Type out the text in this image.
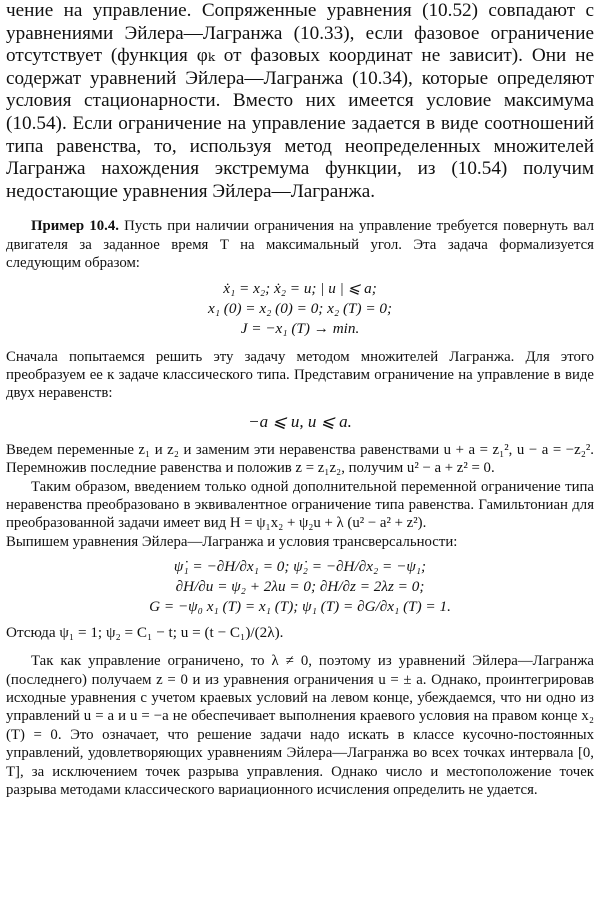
чение на управление. Сопряженные уравнения (10.52) совпадают с уравнениями Эйлера—Лагранжа (10.33), если фазовое ограничение отсутствует (функция φₖ от фазовых координат не зависит). Они не содержат уравнений Эйлера—Лагранжа (10.34), которые определяют условия стационарности. Вместо них имеется условие максимума (10.54). Если ограничение на управление задается в виде соотношений типа равенства, то, используя метод неопределенных множителей Лагранжа нахождения экстремума функции, из (10.54) получим недостающие уравнения Эйлера—Лагранжа.

Пример 10.4. Пусть при наличии ограничения на управление требуется повернуть вал двигателя за заданное время T на максимальный угол. Эта задача формализуется следующим образом:

ẋ₁ = x₂; ẋ₂ = u; | u | ⩽ a;

x₁ (0) = x₂ (0) = 0; x₂ (T) = 0;

J = −x₁ (T) → min.

Сначала попытаемся решить эту задачу методом множителей Лагранжа. Для этого преобразуем ее к задаче классического типа. Представим ограничение на управление в виде двух неравенств:

−a ⩽ u, u ⩽ a.

Введем переменные z₁ и z₂ и заменим эти неравенства равенствами u + a = z₁², u − a = −z₂². Перемножив последние равенства и положив z = z₁z₂, получим u² − a + z² = 0.

Таким образом, введением только одной дополнительной переменной ограничение типа неравенства преобразовано в эквивалентное ограничение типа равенства. Гамильтониан для преобразованной задачи имеет вид H = ψ₁x₂ + ψ₂u + λ (u² − a² + z²).

Выпишем уравнения Эйлера—Лагранжа и условия трансверсальности:

ψ̇₁ = −∂H/∂x₁ = 0; ψ̇₂ = −∂H/∂x₂ = −ψ₁;

∂H/∂u = ψ₂ + 2λu = 0; ∂H/∂z = 2λz = 0;

G = −ψ₀ x₁ (T) = x₁ (T); ψ₁ (T) = ∂G/∂x₁ (T) = 1.

Отсюда ψ₁ = 1; ψ₂ = C₁ − t; u = (t − C₁)/(2λ).

Так как управление ограничено, то λ ≠ 0, поэтому из уравнений Эйлера—Лагранжа (последнего) получаем z = 0 и из уравнения ограничения u = ± a. Однако, проинтегрировав исходные уравнения с учетом краевых условий на левом конце, убеждаемся, что ни одно из управлений u = a и u = −a не обеспечивает выполнения краевого условия на правом конце x₂ (T) = 0. Это означает, что решение задачи надо искать в классе кусочно-постоянных управлений, удовлетворяющих уравнениям Эйлера—Лагранжа во всех точках интервала [0, T], за исключением точек разрыва управления. Однако число и местоположение точек разрыва методами классического вариационного исчисления определить не удается.
